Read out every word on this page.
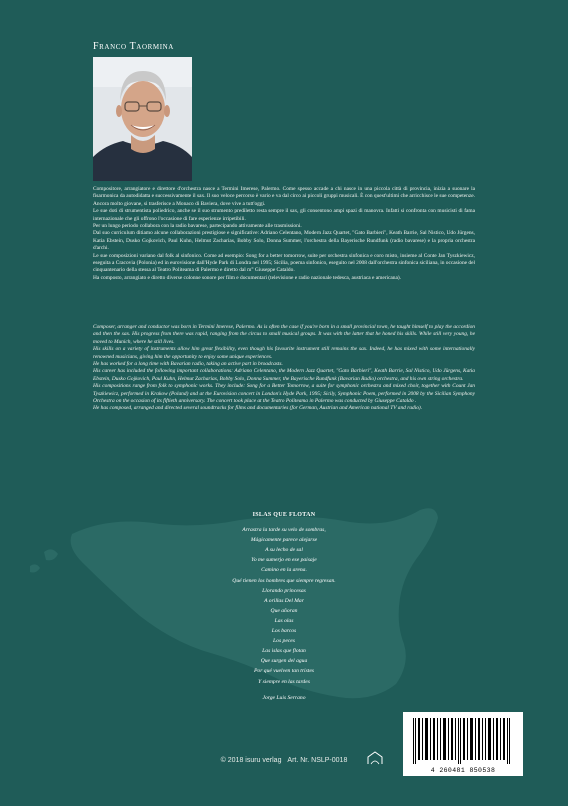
Franco Taormina

Compositore, arrangiatore e direttore d'orchestra nasce a Termini Imerese, Palermo. Come spesso accade a chi nasce in una piccola città di provincia, inizia a suonare la fisarmonica da autodidatta e successivamente il sax. Il suo veloce percorso è vario e va dal circo ai piccoli gruppi musicali. È con quest'ultimi che arricchisce le sue competenze. Ancora molto giovane, si trasferisce a Monaco di Baviera, dove vive a tutt'oggi.

Le sue doti di strumentista poliedrico, anche se il suo strumento prediletto resta sempre il sax, gli consentono ampi spazi di manovra. Infatti si confronta con musicisti di fama internazionale che gli offrono l'occasione di fare esperienze irripetibili.

Per un lungo periodo collabora con la radio bavarese, partecipando attivamente alle trasmissioni.

Dal suo curriculum ditiamo alcune collaborazioni prestigiose e significative: Adriano Celentano, Modern Jazz Quartet, "Gato Barbieri", Keath Barrie, Sal Nistico, Udo Jürgens, Katia Ebstein, Dusko Gojkovich, Paul Kuhn, Helmut Zacharias, Bobby Solo, Donna Summer, l'orchestra della Bayerische Rundfunk (radio bavarese) e la propria orchestra d'archi.

Le sue composizioni variano dal folk al sinfonico. Come ad esempio: Song for a better tomorrow, suite per orchestra sinfonica e coro misto, insieme al Conte Jan Tyszkiewicz, eseguita a Cracovia (Polonia) ed in eurovisione dall'Hyde Park di Londra nel 1995; Sicilia, poema sinfonico, eseguito nel 2008 dall'orchestra sinfonica siciliana, in occasione del cinquantenario della stessa al Teatro Politeama di Palermo e diretto dal m° Giuseppe Cataldo.

Ha composto, arrangiato e diretto diverse colonne sonore per film e documentari (televisione e radio nazionale tedesca, austriaca e americana).

Composer, arranger and conductor was born in Termini Imerese, Palermo. As is often the case if you're born in a small provincial town, he taught himself to play the accordion and then the sax. His progress from there was rapid, ranging from the circus to small musical groups. It was with the latter that he honed his skills. While still very young, he moved to Munich, where he still lives.

His skills on a variety of instruments allow him great flexibility, even though his favourite instrument still remains the sax. Indeed, he has mixed with some internationally renowned musicians, giving him the opportunity to enjoy some unique experiences.

He has worked for a long time with Bavarian radio, taking an active part in broadcasts.

His career has included the following important collaborations: Adriano Celentano, the Modern Jazz Quartet, "Gato Barbieri", Keath Barrie, Sal Nistico, Udo Jürgens, Katia Ebstein, Dusko Gojkovich, Paul Kuhn, Helmut Zacharias, Bobby Solo, Donna Summer, the Bayerische Rundfunk (Bavarian Radio) orchestra, and his own string orchestra.

His compositions range from folk to symphonic works. They include: Song for a Better Tomorrow, a suite for symphonic orchestra and mixed choir, together with Count Jan Tyszkiewicz, performed in Krakow (Poland) and at the Eurovision concert in London's Hyde Park, 1995; Sicily, Symphonic Poem, performed in 2008 by the Sicilian Symphony Orchestra on the occasion of its fiftieth anniversary. The concert took place at the Teatro Politeama in Palermo was conducted by Giuseppe Cataldo .

He has composed, arranged and directed several soundtracks for films and documentaries (for German, Austrian and American national TV and radio).

ISLAS QUE FLOTAN
Arrastra la tarde su velo de sombras,
Mágicamente parece alejarse
A su lecho de sal
Yo me sumerjo en ese paisaje
Camino en la arena.
Qué tienen los hombres que siempre regresan.
Llorando princesas
A orillas Del Mar
Que añoran
Las olas
Los barcos
Los peces
Las islas que flotan
Que surgen del agua
Por qué vuelven tan tristes
Y siempre en las tardes
Jorge Luis Serrano
© 2018 isuru verlag Art. Nr. NSLP-0018
4 260481 850538
